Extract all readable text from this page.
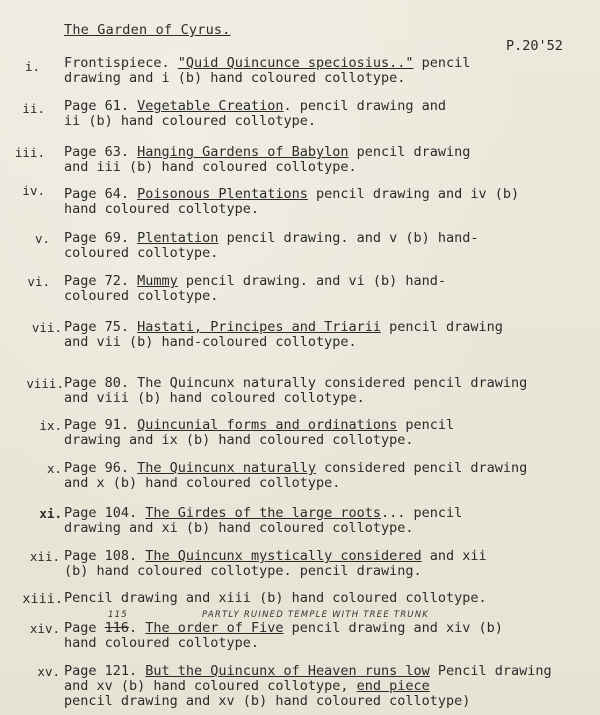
The Garden of Cyrus.
P.20'52
i. Frontispiece. "Quid Quincunce speciosius.." pencil
drawing and i (b) hand coloured collotype.
ii. Page 61. Vegetable Creation. pencil drawing and
ii (b) hand coloured collotype.
iii. Page 63. Hanging Gardens of Babylon pencil drawing
and iii (b) hand coloured collotype.
iv. Page 64. Poisonous Plentations pencil drawing and iv (b)
hand coloured collotype.
v. Page 69. Plentation pencil drawing. and v (b) hand-
coloured collotype.
vi. Page 72. Mummy pencil drawing. and vi (b) hand-
coloured collotype.
vii. Page 75. Hastati, Principes and Triarii pencil drawing
and vii (b) hand-coloured collotype.
viii. Page 80. The Quincunx naturally considered pencil drawing
and viii (b) hand coloured collotype.
ix. Page 91. Quincunial forms and ordinations pencil
drawing and ix (b) hand coloured collotype.
x. Page 96. The Quincunx naturally considered pencil drawing
and x (b) hand coloured collotype.
xi. Page 104. The Girdes of the large roots... pencil
drawing and xi (b) hand coloured collotype.
xii. Page 108. The Quincunx mystically considered and xii
(b) hand coloured collotype. pencil drawing.
xiii. Pencil drawing and xiii (b) hand coloured collotype.
xiv.
115	PARTLY RUINED TEMPLE WITH TREE TRUNK
Page 116. The order of Five pencil drawing and xiv (b)
hand coloured collotype.
xv. Page 121. But the Quincunx of Heaven runs low Pencil drawing
and xv (b) hand coloured collotype, end piece
pencil drawing and xv (b) hand coloured collotype)
